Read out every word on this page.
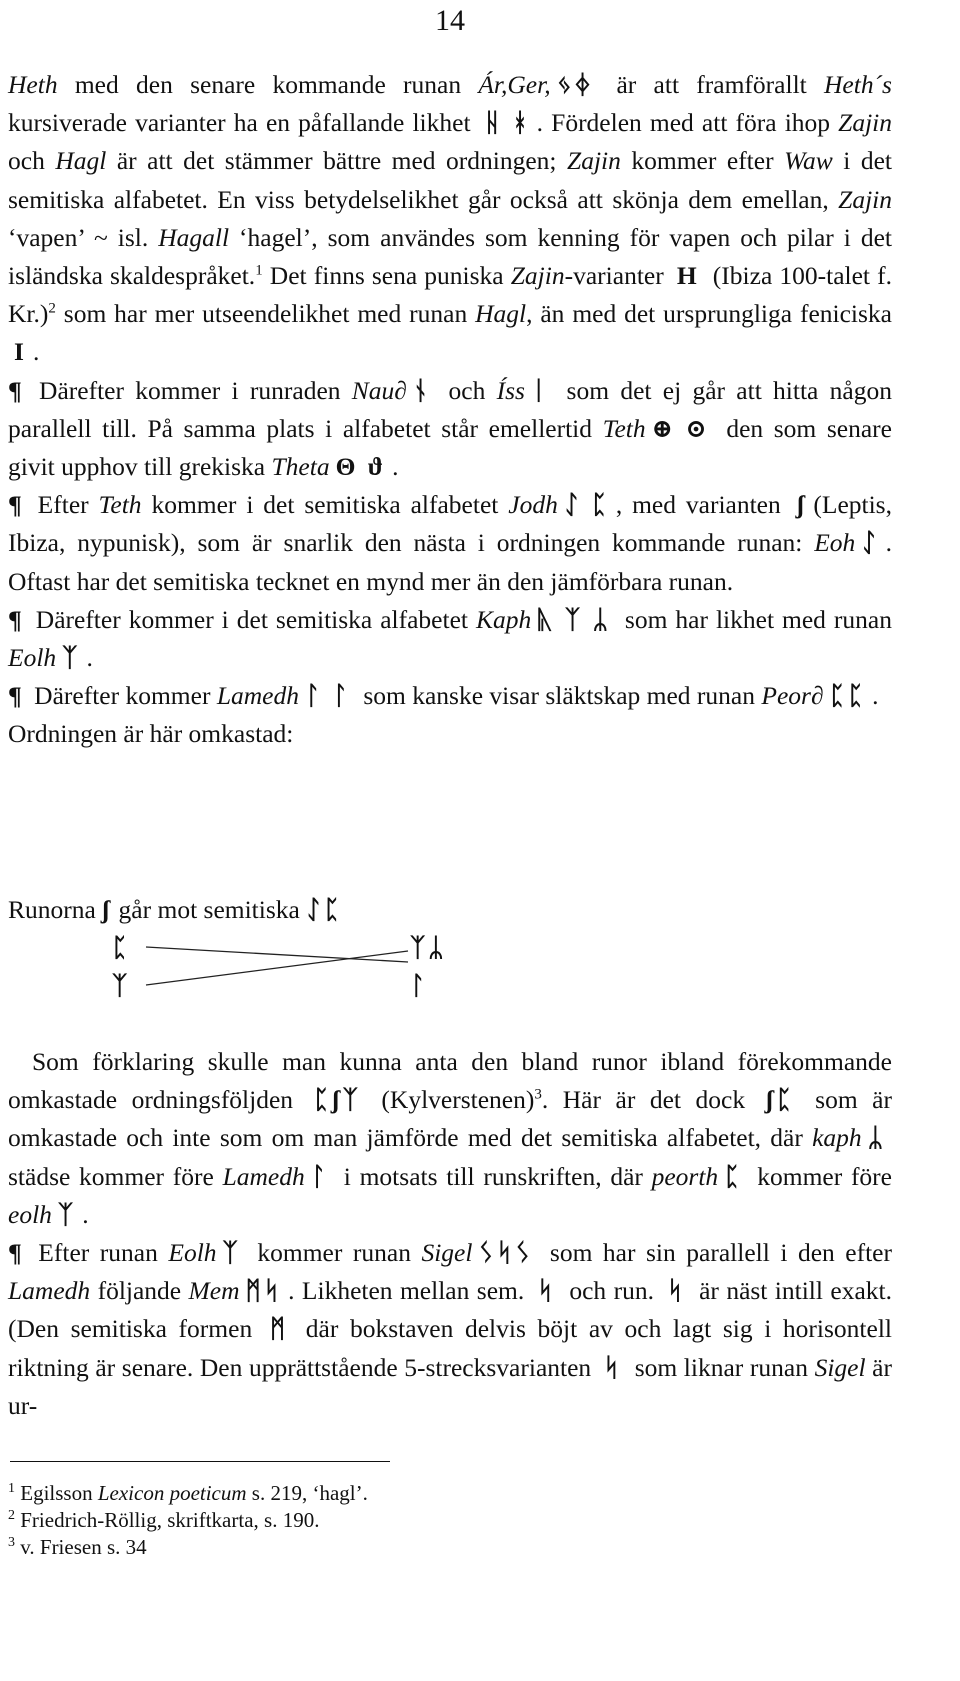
14

Heth med den senare kommande runan Ár,Ger, ᛃᛄ är att framförallt Heth´s kursiverade varianter ha en påfallande likhet ᚺ ᚼ . Fördelen med att föra ihop Zajin och Hagl är att det stämmer bättre med ordningen; Zajin kommer efter Waw i det semitiska alfabetet. En viss betydelselikhet går också att skönja dem emellan, Zajin ‘vapen’ ~ isl. Hagall ‘hagel’, som användes som kenning för vapen och pilar i det isländska skaldespråket.$^1$ Det finns sena puniska Zajin-varianter H (Ibiza 100-talet f. Kr.)$^2$ som har mer utseendelikhet med runan Hagl, än med det ursprungliga feniciska I .

¶ Därefter kommer i runraden Nau∂ ᚾ och Íss ᛁ som det ej går att hitta någon parallell till. På samma plats i alfabetet står emellertid Teth ⊕ ⊙ den som senare givit upphov till grekiska Theta Θ ϑ .

¶ Efter Teth kommer i det semitiska alfabetet Jodh ᛇ ᛈ , med varianten ʃ (Leptis, Ibiza, nypunisk), som är snarlik den nästa i ordningen kommande runan: Eoh ᛇ . Oftast har det semitiska tecknet en mynd mer än den jämförbara runan.

¶ Därefter kommer i det semitiska alfabetet Kaph ᚣ ᛉ ᛦ som har likhet med runan Eolh ᛉ .

¶ Därefter kommer Lamedh ᛚ ᛚ som kanske visar släktskap med runan Peor∂ ᛈᛈ .

Ordningen är här omkastad:

Runorna ʃ går mot semitiska ᛇᛈ
ᛈ	ᛉᛦ
ᛉ	ᛚ

Som förklaring skulle man kunna anta den bland runor ibland förekommande omkastade ordningsföljden ᛈʃᛉ (Kylverstenen)$^3$. Här är det dock ʃᛈ som är omkastade och inte som om man jämförde med det semitiska alfabetet, där kaph ᛦ städse kommer före Lamedh ᛚ i motsats till runskriften, där peorth ᛈ kommer före eolh ᛉ .

¶ Efter runan Eolh ᛉ kommer runan Sigel ᛊᛋᛊ som har sin parallell i den efter Lamedh följande Mem ᛗᛋ . Likheten mellan sem. ᛋ och run. ᛋ är näst intill exakt. (Den semitiska formen ᛗ där bokstaven delvis böjt av och lagt sig i horisontell riktning är senare. Den upprättstående 5-strecksvarianten ᛋ som liknar runan Sigel är ur-

$^1$ Egilsson Lexicon poeticum s. 219, ‘hagl’.
$^2$ Friedrich-Röllig, skriftkarta, s. 190.
$^3$ v. Friesen s. 34
